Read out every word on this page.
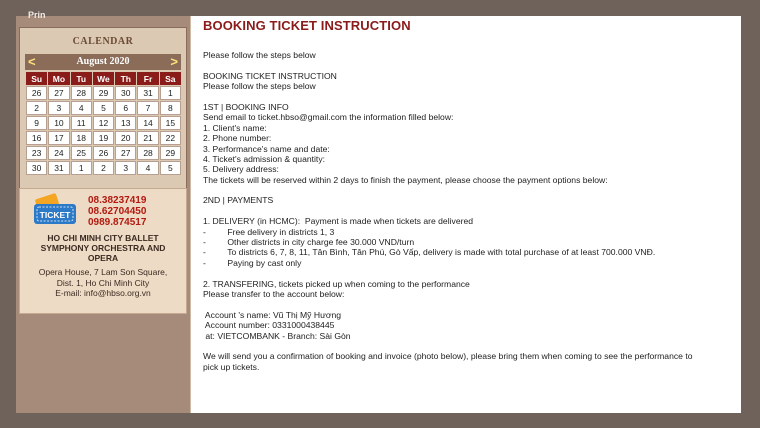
Prin
CALENDAR
<	August 2020	>
Su	Mo	Tu	We	Th	Fr	Sa
26	27	28	29	30	31	1
2	3	4	5	6	7	8
9	10	11	12	13	14	15
16	17	18	19	20	21	22
23	24	25	26	27	28	29
30	31	1	2	3	4	5
TICKET
08.38237419
08.62704450
0989.874517
HO CHI MINH CITY BALLET
SYMPHONY ORCHESTRA AND
OPERA
Opera House, 7 Lam Son Square,
Dist. 1, Ho Chi Minh City
E-mail: info@hbso.org.vn
BOOKING TICKET INSTRUCTION
Please follow the steps below
BOOKING TICKET INSTRUCTION
Please follow the steps below
1ST | BOOKING INFO
Send email to ticket.hbso@gmail.com the information filled below:
1. Client's name:
2. Phone number:
3. Performance's name and date:
4. Ticket's admission & quantity:
5. Delivery address:
The tickets will be reserved within 2 days to finish the payment, please choose the payment options below:
2ND | PAYMENTS
1. DELIVERY (in HCMC):  Payment is made when tickets are delivered
-         Free delivery in districts 1, 3
-         Other districts in city charge fee 30.000 VND/turn
-         To districts 6, 7, 8, 11, Tân Bình, Tân Phú, Gò Vấp, delivery is made with total purchase of at least 700.000 VNĐ.
-         Paying by cast only
2. TRANSFERING, tickets picked up when coming to the performance
Please transfer to the account below:
Account 's name: Vũ Thị Mỹ Hương
Account number: 0331000438445
at: VIETCOMBANK - Branch: Sài Gòn
We will send you a confirmation of booking and invoice (photo below), please bring them when coming to see the performance to
pick up tickets.
